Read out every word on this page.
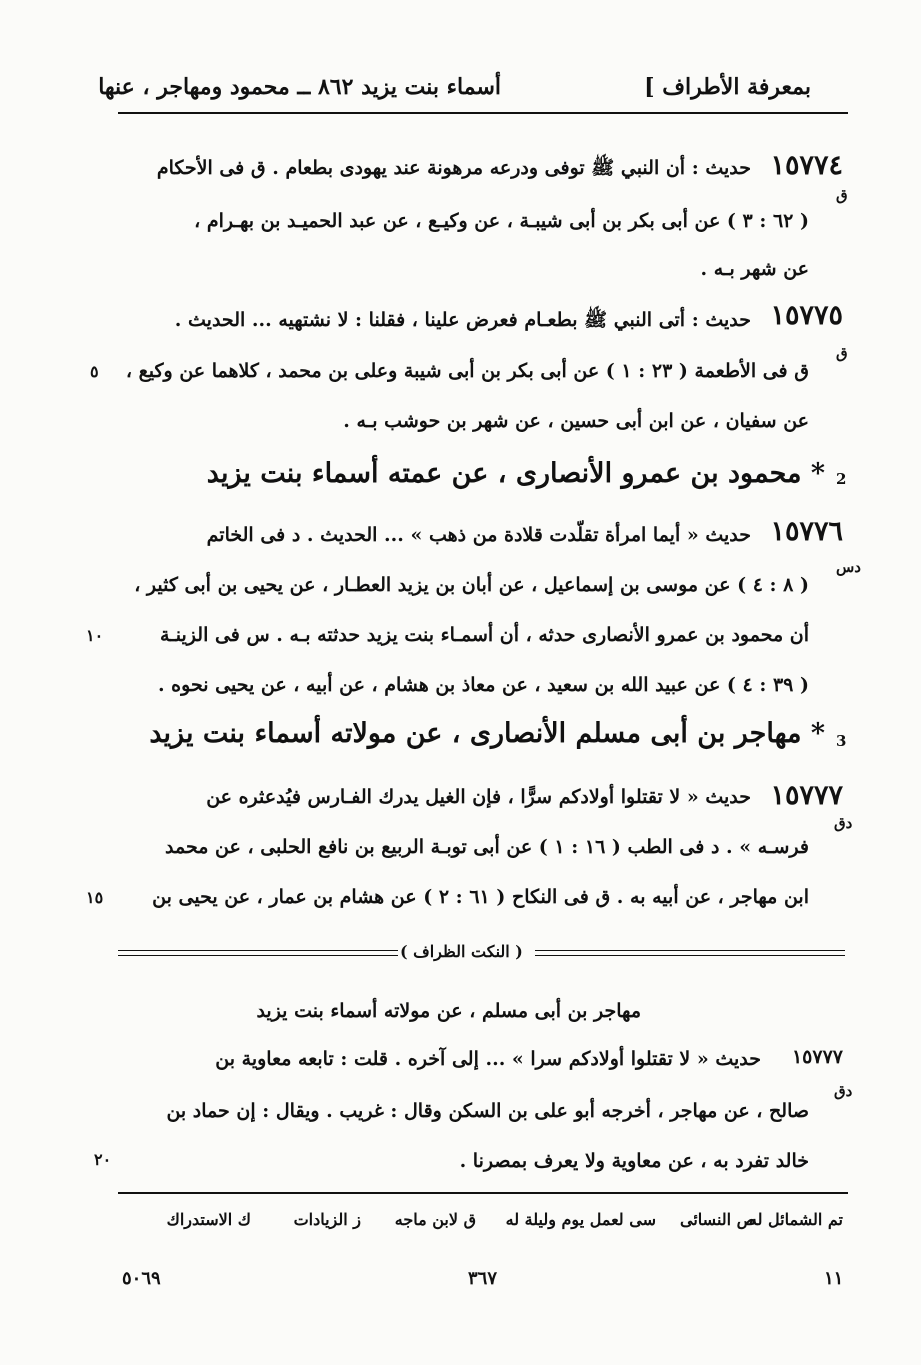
بمعرفة الأطراف ]
أسماء بنت يزيد ٨٦٢ ــ محمود ومهاجر ، عنها
١٥٧٧٤
حديث : أن النبي ﷺ توفى ودرعه مرهونة عند يهودى بطعام . ق فى الأحكام
ق
( ٦٢ : ٣ ) عن أبى بكر بن أبى شيبـة ، عن وكيـع ، عن عبد الحميـد بن بهـرام ،
عن شهر بـه .
١٥٧٧٥
حديث : أتى النبي ﷺ بطعـام فعرض علينا ، فقلنا : لا نشتهيه ... الحديث .
ق
ق فى الأطعمة ( ٢٣ : ١ ) عن أبى بكر بن أبى شيبة وعلى بن محمد ، كلاهما عن وكيع ،
٥
عن سفيان ، عن ابن أبى حسين ، عن شهر بن حوشب بـه .
2
* محمود بن عمرو الأنصارى ، عن عمته أسماء بنت يزيد
١٥٧٧٦
حديث « أيما امرأة تقلّدت قلادة من ذهب » ... الحديث . د فى الخاتم
دس
( ٨ : ٤ ) عن موسى بن إسماعيل ، عن أبان بن يزيد العطـار ، عن يحيى بن أبى كثير ،
أن محمود بن عمرو الأنصارى حدثه ، أن أسمـاء بنت يزيد حدثته بـه . س فى الزينـة
١٠
( ٣٩ : ٤ ) عن عبيد الله بن سعيد ، عن معاذ بن هشام ، عن أبيه ، عن يحيى نحوه .
3
* مهاجر بن أبى مسلم الأنصارى ، عن مولاته أسماء بنت يزيد
١٥٧٧٧
حديث « لا تقتلوا أولادكم سرًّا ، فإن الغيل يدرك الفـارس فيُدعثره عن
دق
فرسـه » . د فى الطب ( ١٦ : ١ ) عن أبى توبـة الربيع بن نافع الحلبى ، عن محمد
ابن مهاجر ، عن أبيه به . ق فى النكاح ( ٦١ : ٢ ) عن هشام بن عمار ، عن يحيى بن
١٥
( النكت الظراف )
مهاجر بن أبى مسلم ، عن مولاته أسماء بنت يزيد
١٥٧٧٧
حديث « لا تقتلوا أولادكم سرا » ... إلى آخره . قلت : تابعه معاوية بن
دق
صالح ، عن مهاجر ، أخرجه أبو على بن السكن وقال : غريب . ويقال : إن حماد بن
٢٠	خالد تفرد به ، عن معاوية ولا يعرف بمصرنا .
تم الشمائل له
ص النسائى
سى لعمل يوم وليلة له
ق لابن ماجه
ز الزيادات
ك الاستدراك
١١
٣٦٧
٥٠٦٩
